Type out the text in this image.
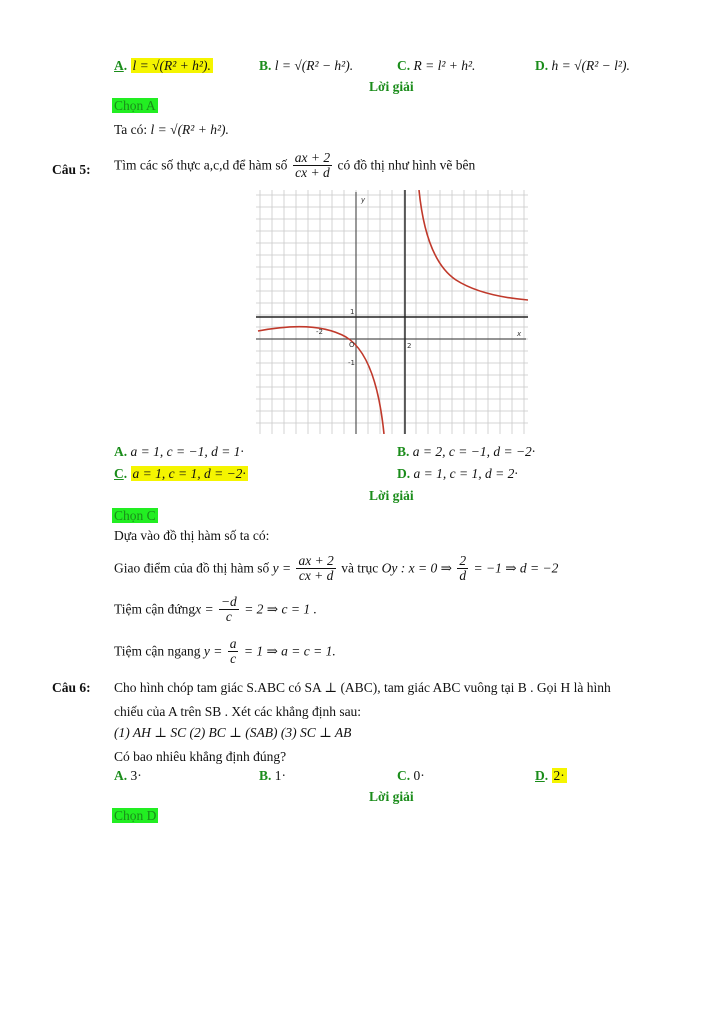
A. l = √(R² + h²).	B. l = √(R² − h²).	C. R = l² + h².	D. h = √(R² − l²).
Lời giải
Chọn A
Ta có: l = √(R² + h²).
Câu 5: Tìm các số thực a,c,d để hàm số $\frac{ax + 2}{cx + d}$ có đồ thị như hình vẽ bên
x
y
O
-2
2
1
-1
A. a = 1, c = −1, d = 1·	B. a = 2, c = −1, d = −2·
C. a = 1, c = 1, d = −2·	D. a = 1, c = 1, d = 2·
Lời giải
Chọn C
Dựa vào đồ thị hàm số ta có:
Giao điểm của đồ thị hàm số $y = \frac{ax + 2}{cx + d}$ và trục Oy : x = 0 ⇒ $\frac{2}{d} = -1$ ⇒ d = −2
Tiệm cận đứngx = $\frac{-d}{c} = 2$ ⇒ c = 1 .
Tiệm cận ngang $y = \frac{a}{c} = 1$ ⇒ a = c = 1.
Câu 6: Cho hình chóp tam giác S.ABC có SA ⊥ (ABC), tam giác ABC vuông tại B . Gọi H là hình
chiếu của A trên SB . Xét các khẳng định sau:
(1) AH ⊥ SC (2) BC ⊥ (SAB) (3) SC ⊥ AB
Có bao nhiêu khẳng định đúng?
A. 3·	B. 1·	C. 0·	D. 2·
Lời giải
Chọn D
